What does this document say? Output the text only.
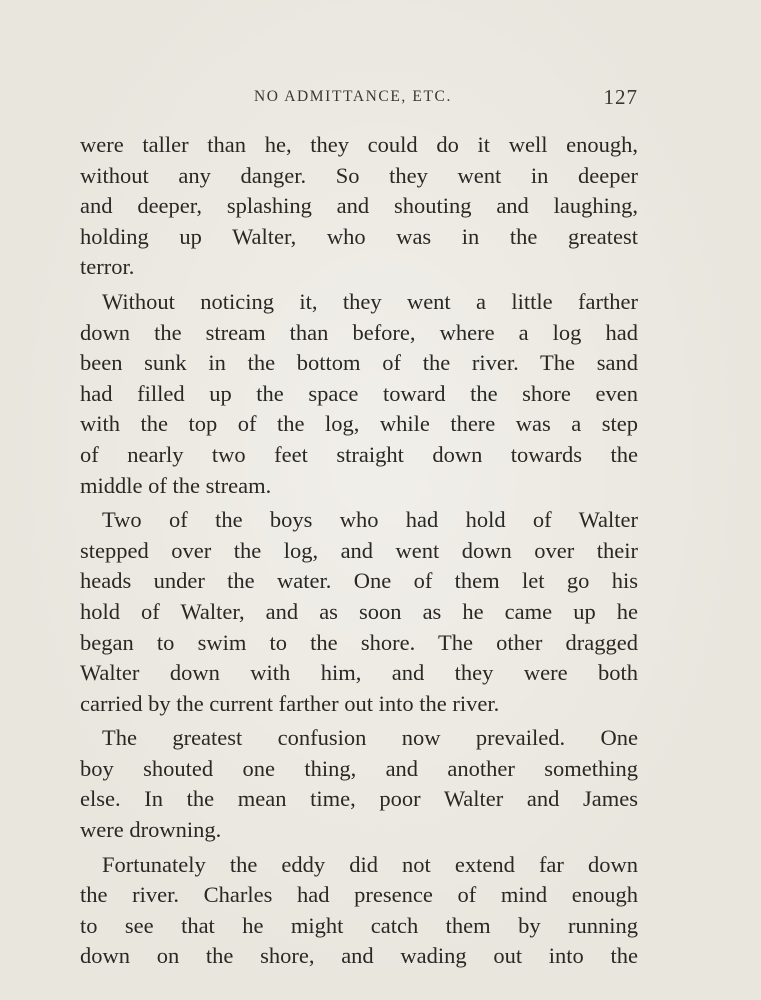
NO ADMITTANCE, ETC.	127
were taller than he, they could do it well enough,
without any danger. So they went in deeper
and deeper, splashing and shouting and laughing,
holding up Walter, who was in the greatest
terror.
Without noticing it, they went a little farther
down the stream than before, where a log had
been sunk in the bottom of the river. The sand
had filled up the space toward the shore even
with the top of the log, while there was a step
of nearly two feet straight down towards the
middle of the stream.
Two of the boys who had hold of Walter
stepped over the log, and went down over their
heads under the water. One of them let go his
hold of Walter, and as soon as he came up he
began to swim to the shore. The other dragged
Walter down with him, and they were both
carried by the current farther out into the river.
The greatest confusion now prevailed. One
boy shouted one thing, and another something
else. In the mean time, poor Walter and James
were drowning.
Fortunately the eddy did not extend far down
the river. Charles had presence of mind enough
to see that he might catch them by running
down on the shore, and wading out into the
